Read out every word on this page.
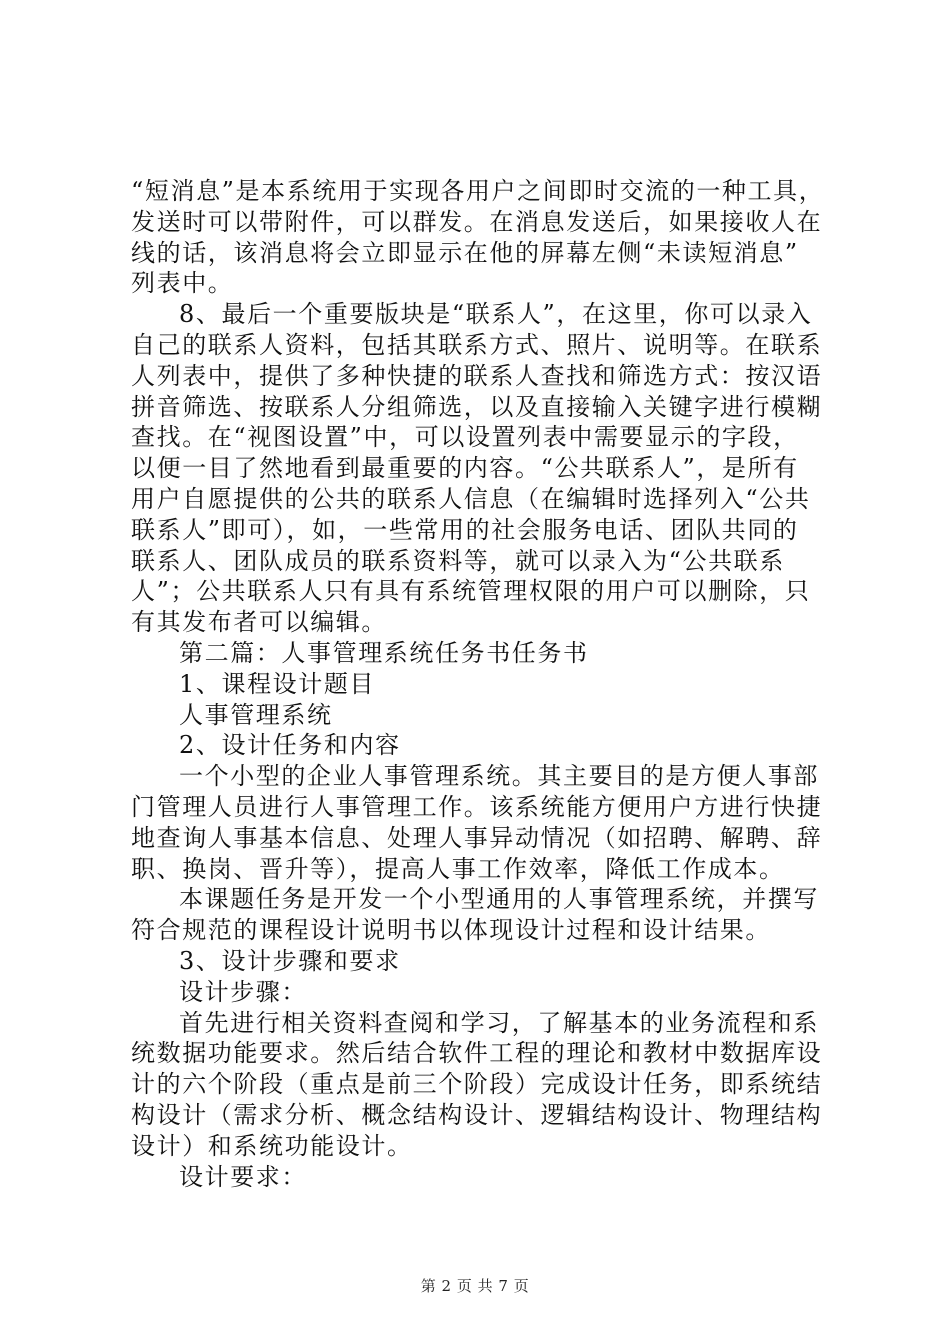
“短消息”是本系统用于实现各用户之间即时交流的一种工具，
发送时可以带附件，可以群发。在消息发送后，如果接收人在
线的话，该消息将会立即显示在他的屏幕左侧“未读短消息”
列表中。
8、最后一个重要版块是“联系人”，在这里，你可以录入
自己的联系人资料，包括其联系方式、照片、说明等。在联系
人列表中，提供了多种快捷的联系人查找和筛选方式：按汉语
拼音筛选、按联系人分组筛选，以及直接输入关键字进行模糊
查找。在“视图设置”中，可以设置列表中需要显示的字段，
以便一目了然地看到最重要的内容。“公共联系人”，是所有
用户自愿提供的公共的联系人信息（在编辑时选择列入“公共
联系人”即可），如，一些常用的社会服务电话、团队共同的
联系人、团队成员的联系资料等，就可以录入为“公共联系
人”；公共联系人只有具有系统管理权限的用户可以删除，只
有其发布者可以编辑。
第二篇：人事管理系统任务书任务书
1、课程设计题目
人事管理系统
2、设计任务和内容
一个小型的企业人事管理系统。其主要目的是方便人事部
门管理人员进行人事管理工作。该系统能方便用户方进行快捷
地查询人事基本信息、处理人事异动情况（如招聘、解聘、辞
职、换岗、晋升等），提高人事工作效率，降低工作成本。
本课题任务是开发一个小型通用的人事管理系统，并撰写
符合规范的课程设计说明书以体现设计过程和设计结果。
3、设计步骤和要求
设计步骤：
首先进行相关资料查阅和学习，了解基本的业务流程和系
统数据功能要求。然后结合软件工程的理论和教材中数据库设
计的六个阶段（重点是前三个阶段）完成设计任务，即系统结
构设计（需求分析、概念结构设计、逻辑结构设计、物理结构
设计）和系统功能设计。
设计要求：
第 2 页 共 7 页
